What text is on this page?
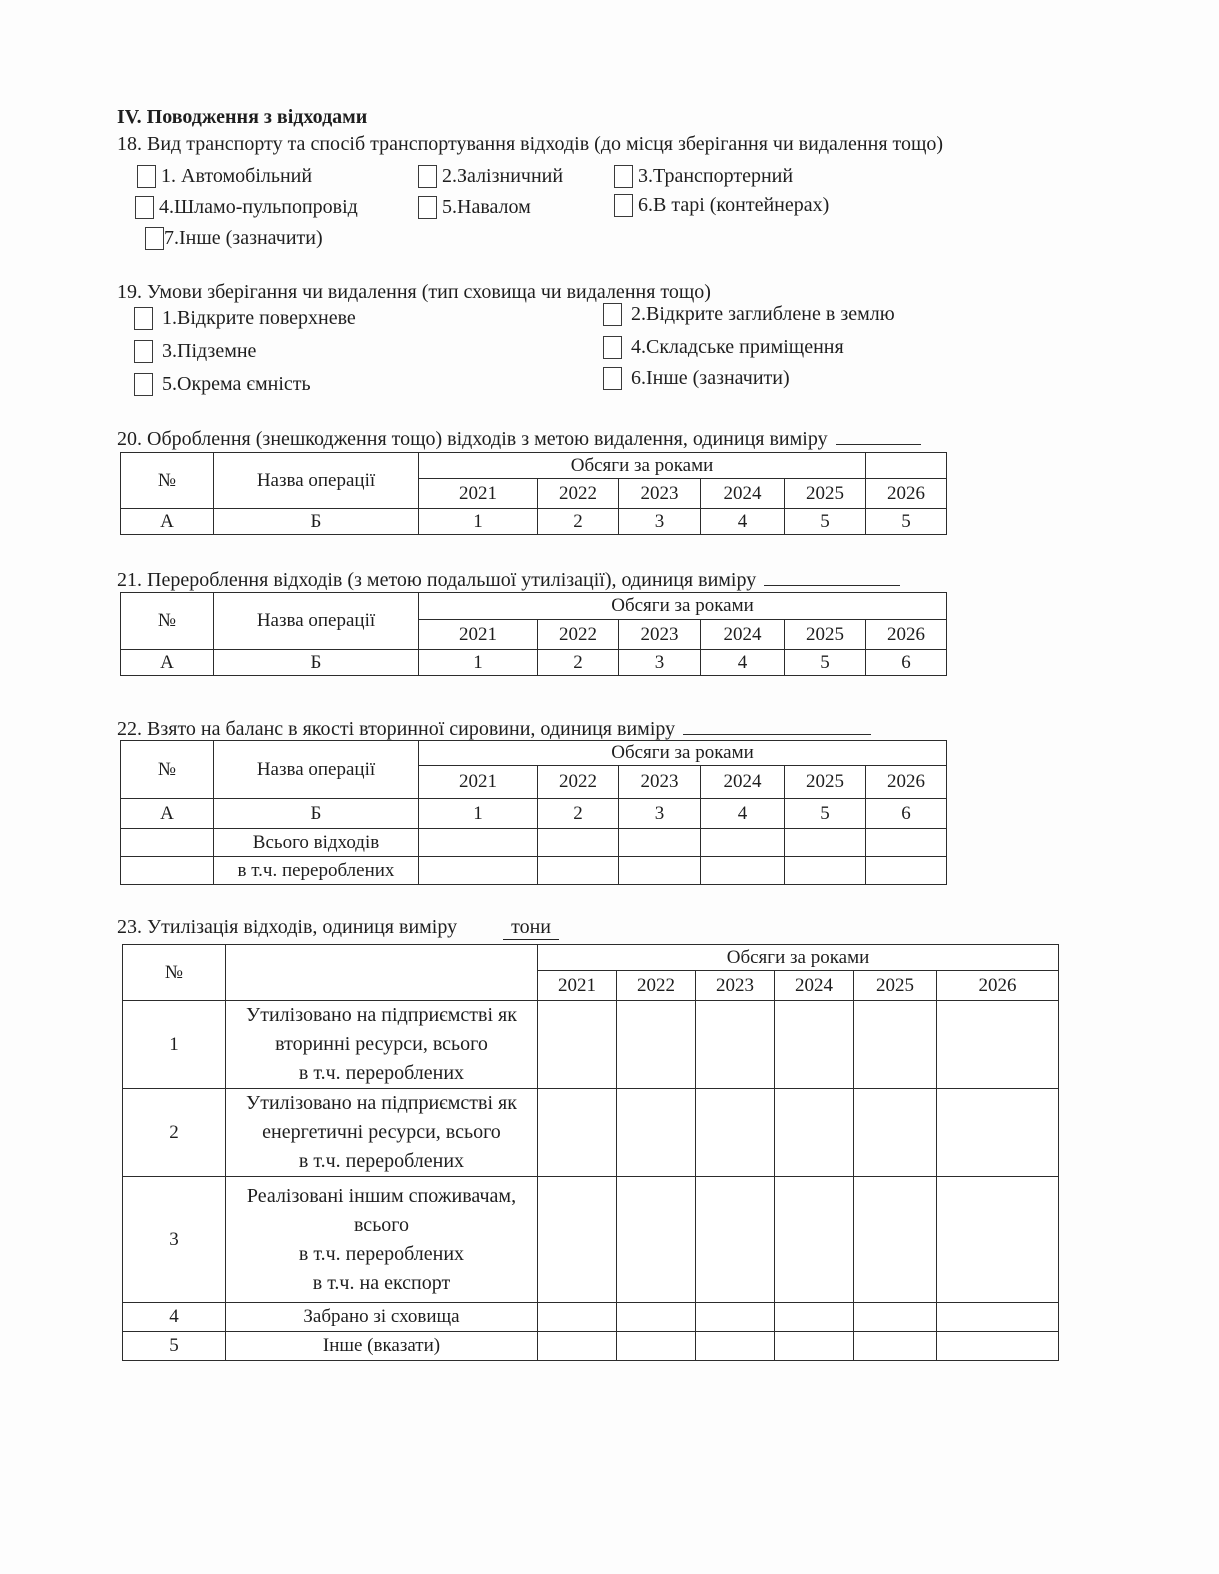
IV. Поводження з відходами
18. Вид транспорту та спосіб транспортування відходів (до місця зберігання чи видалення тощо)
1. Автомобільний	2.Залізничний	3.Транспортерний
4.Шламо-пульпопровід	5.Навалом	6.В тарі (контейнерах)
7.Інше (зазначити)
19. Умови зберігання чи видалення (тип сховища чи видалення тощо)
1.Відкрите поверхневе
3.Підземне
5.Окрема ємність
2.Відкрите заглиблене в землю
4.Складське приміщення
6.Інше (зазначити)
20. Оброблення (знешкодження тощо) відходів з метою видалення, одиниця виміру
№	Назва операції	Обсяги за роками					
		2021	2022	2023	2024	2025	2026
А	Б	1	2	3	4	5	5
21. Перероблення відходів (з метою подальшої утилізації), одиниця виміру
№	Назва операції	Обсяги за роками					
		2021	2022	2023	2024	2025	2026
А	Б	1	2	3	4	5	6
22. Взято на баланс в якості вторинної сировини, одиниця виміру
№	Назва операції	Обсяги за роками					
		2021	2022	2023	2024	2025	2026
А	Б	1	2	3	4	5	6
	Всього відходів						
	в т.ч. перероблених						
23. Утилізація відходів, одиниця виміру	тони
№		Обсяги за роками					
		2021	2022	2023	2024	2025	2026
1	Утилізовано на підприємстві як
вторинні ресурси, всього
в т.ч. перероблених						

2	Утилізовано на підприємстві як
енергетичні ресурси, всього
в т.ч. перероблених						

3	Реалізовані іншим споживачам,
всього
в т.ч. перероблених
в т.ч. на експорт						

4	Забрано зі сховища						
5	Інше (вказати)						
